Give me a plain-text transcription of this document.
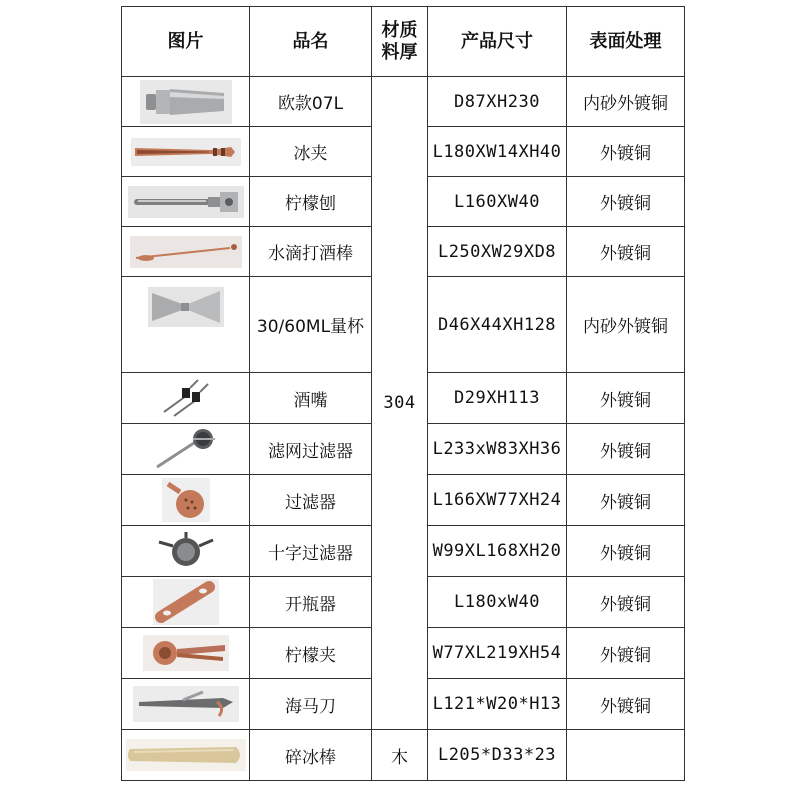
图片	品名	材质料厚	产品尺寸	表面处理

	欧款07L	304	D87XH230	内砂外镀铜

	冰夹		L180XW14XH40	外镀铜

	柠檬刨		L160XW40	外镀铜

	水滴打酒棒		L250XW29XD8	外镀铜

	30/60ML量杯		D46X44XH128	内砂外镀铜

	酒嘴		D29XH113	外镀铜

	滤网过滤器		L233xW83XH36	外镀铜

	过滤器		L166XW77XH24	外镀铜

	十字过滤器		W99XL168XH20	外镀铜

	开瓶器		L180xW40	外镀铜

	柠檬夹		W77XL219XH54	外镀铜

	海马刀		L121*W20*H13	外镀铜

	碎冰棒	木	L205*D33*23	
